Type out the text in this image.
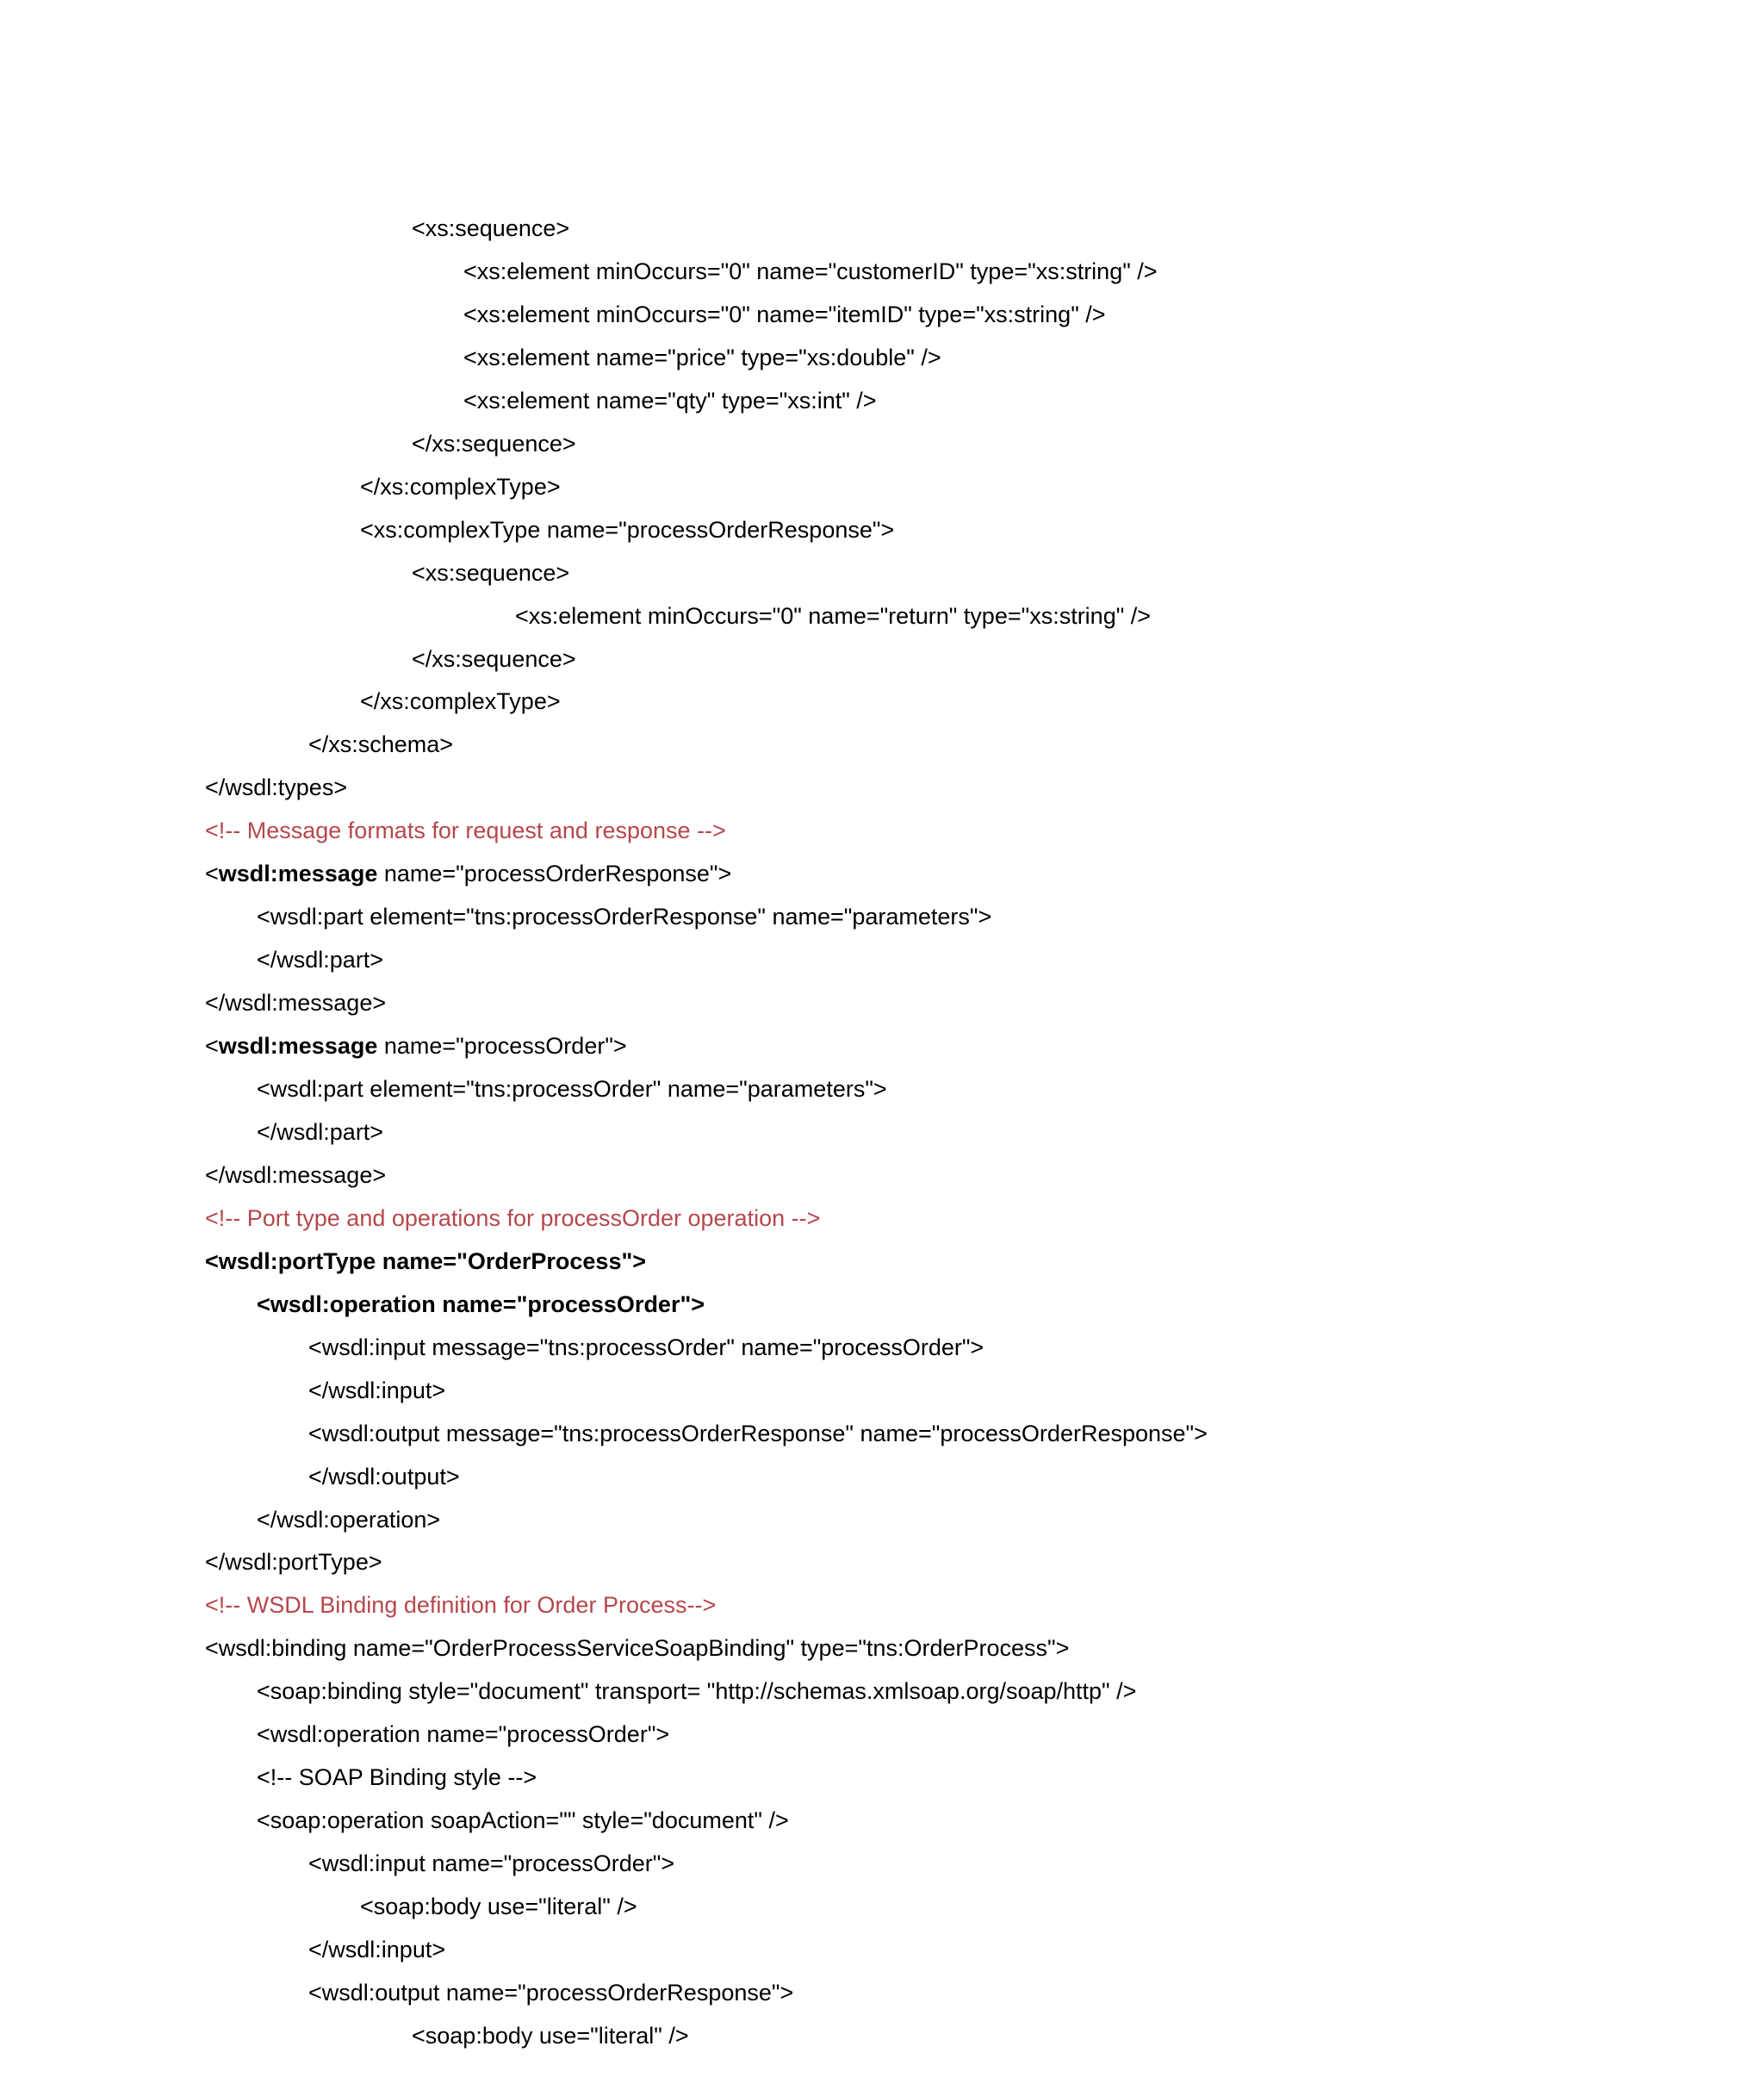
<xs:sequence>
<xs:element minOccurs="0" name="customerID" type="xs:string" />
<xs:element minOccurs="0" name="itemID" type="xs:string" />
<xs:element name="price" type="xs:double" />
<xs:element name="qty" type="xs:int" />
</xs:sequence>
</xs:complexType>
<xs:complexType name="processOrderResponse">
<xs:sequence>
<xs:element minOccurs="0" name="return" type="xs:string" />
</xs:sequence>
</xs:complexType>
</xs:schema>
</wsdl:types>
<!-- Message formats for request and response -->
<wsdl:message name="processOrderResponse">
<wsdl:part element="tns:processOrderResponse" name="parameters">
</wsdl:part>
</wsdl:message>
<wsdl:message name="processOrder">
<wsdl:part element="tns:processOrder" name="parameters">
</wsdl:part>
</wsdl:message>
<!-- Port type and operations for processOrder operation -->
<wsdl:portType name="OrderProcess">
<wsdl:operation name="processOrder">
<wsdl:input message="tns:processOrder" name="processOrder">
</wsdl:input>
<wsdl:output message="tns:processOrderResponse" name="processOrderResponse">
</wsdl:output>
</wsdl:operation>
</wsdl:portType>
<!-- WSDL Binding definition for Order Process-->
<wsdl:binding name="OrderProcessServiceSoapBinding" type="tns:OrderProcess">
<soap:binding style="document" transport= "http://schemas.xmlsoap.org/soap/http" />
<wsdl:operation name="processOrder">
<!-- SOAP Binding style -->
<soap:operation soapAction="" style="document" />
<wsdl:input name="processOrder">
<soap:body use="literal" />
</wsdl:input>
<wsdl:output name="processOrderResponse">
<soap:body use="literal" />
